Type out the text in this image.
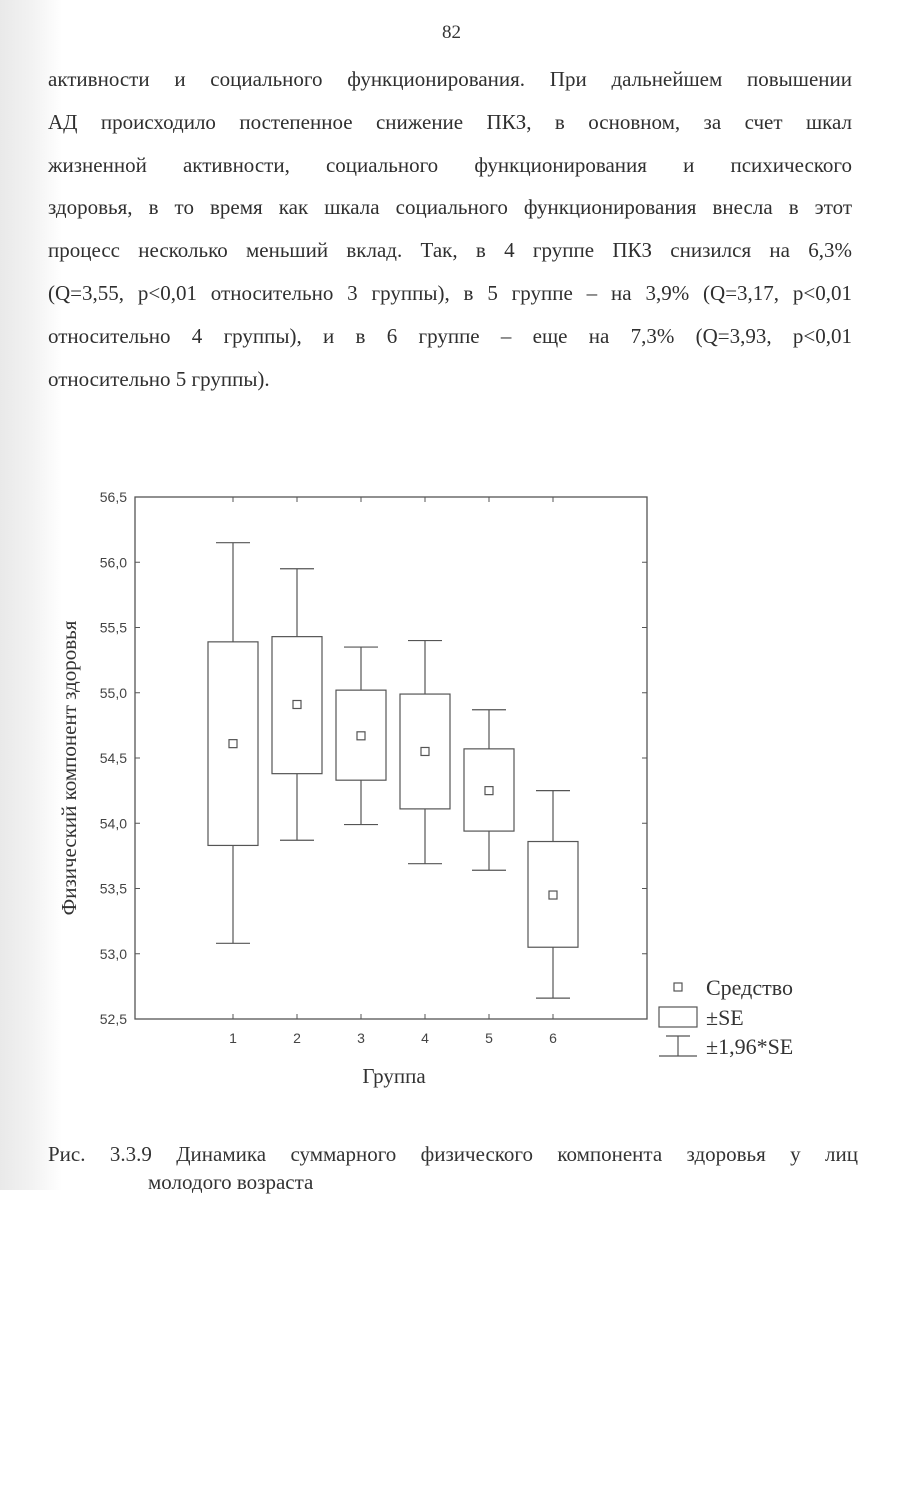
82
активности и социального функционирования. При дальнейшем повышении
АД происходило постепенное снижение ПКЗ, в основном, за счет шкал
жизненной активности, социального функционирования и психического
здоровья, в то время как шкала социального функционирования внесла в этот
процесс несколько меньший вклад. Так, в 4 группе ПКЗ снизился на 6,3%
(Q=3,55, p<0,01 относительно 3 группы), в 5 группе – на 3,9% (Q=3,17, p<0,01
относительно 4 группы), и в 6 группе – еще на 7,3% (Q=3,93, p<0,01
относительно 5 группы).
52,5
53,0
53,5
54,0
54,5
55,0
55,5
56,0
56,5
1	2	3	4	5	6
Группа
Физический компонент здоровья
Средство
±SE
±1,96*SE
Рис. 3.3.9 Динамика суммарного физического компонента здоровья у лиц
молодого возраста
